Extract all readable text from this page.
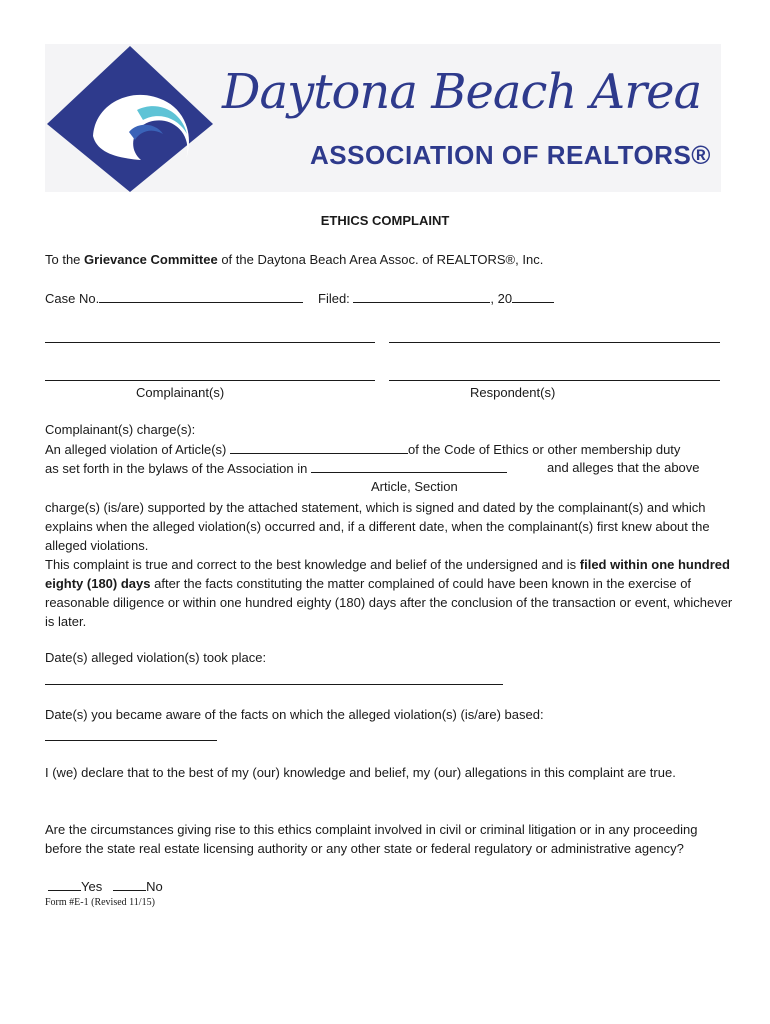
Daytona Beach Area
ASSOCIATION OF REALTORS®
ETHICS COMPLAINT
To the Grievance Committee of the Daytona Beach Area Assoc. of REALTORS®, Inc.
Case No.	Filed:	, 20
Complainant(s)	Respondent(s)
Complainant(s) charge(s):
An alleged violation of Article(s)	of the Code of Ethics or other membership duty
as set forth in the bylaws of the Association in	and alleges that the above
Article, Section
charge(s) (is/are) supported by the attached statement, which is signed and dated by the complainant(s) and which explains when the alleged violation(s) occurred and, if a different date, when the complainant(s) first knew about the alleged violations.
This complaint is true and correct to the best knowledge and belief of the undersigned and is filed within one hundred eighty (180) days after the facts constituting the matter complained of could have been known in the exercise of reasonable diligence or within one hundred eighty (180) days after the conclusion of the transaction or event, whichever is later.
Date(s) alleged violation(s) took place:
Date(s) you became aware of the facts on which the alleged violation(s) (is/are) based:
I (we) declare that to the best of my (our) knowledge and belief, my (our) allegations in this complaint are true.
Are the circumstances giving rise to this ethics complaint involved in civil or criminal litigation or in any proceeding before the state real estate licensing authority or any other state or federal regulatory or administrative agency?
Yes	No
Form #E-1 (Revised 11/15)
